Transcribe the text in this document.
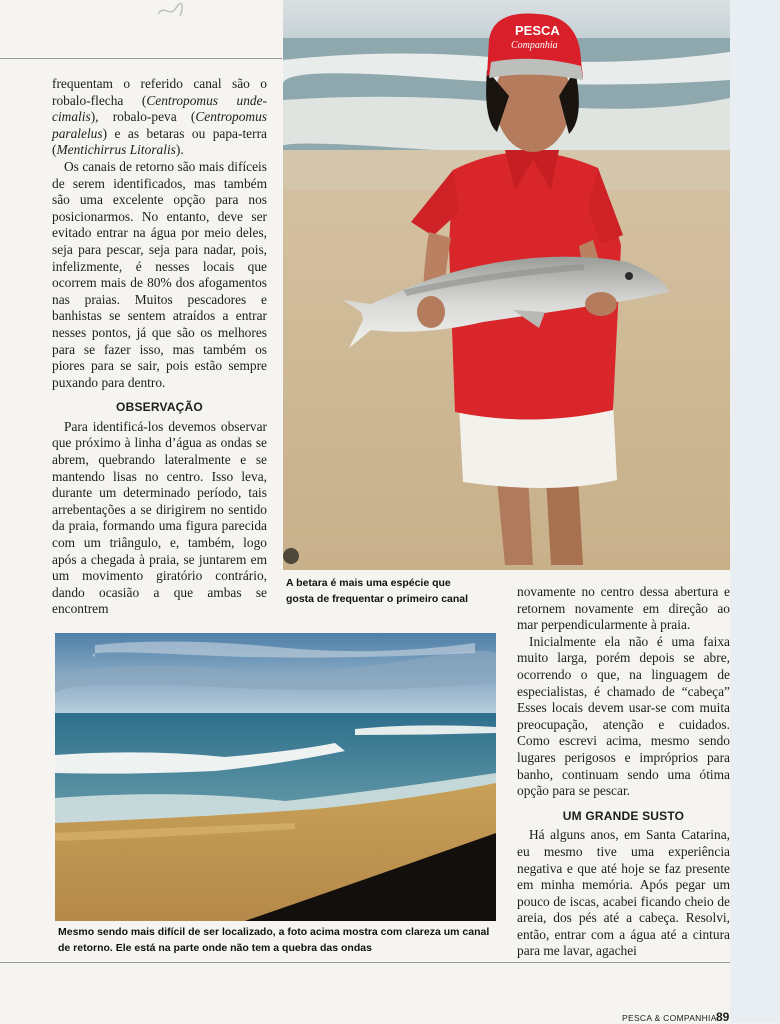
frequentam o referido canal são o robalo-flecha (Centropomus unde-cimalis), robalo-peva (Centropomus paralelus) e as betaras ou papa-terra (Mentichirrus Litoralis).

Os canais de retorno são mais difíceis de serem identificados, mas também são uma excelente opção para nos posicionarmos. No entanto, deve ser evitado entrar na água por meio deles, seja para pescar, seja para nadar, pois, infelizmente, é nesses locais que ocorrem mais de 80% dos afogamentos nas praias. Muitos pescadores e banhistas se sentem atraídos a entrar nesses pontos, já que são os melhores para se fazer isso, mas também os piores para se sair, pois estão sempre puxando para dentro.

OBSERVAÇÃO

Para identificá-los devemos observar que próximo à linha d’água as ondas se abrem, quebrando lateralmente e se mantendo lisas no centro. Isso leva, durante um determinado período, tais arrebentações a se dirigirem no sentido da praia, formando uma figura parecida com um triângulo, e, também, logo após a chegada à praia, se juntarem em um movimento giratório contrário, dando ocasião a que ambas se encontrem

PESCA
Companhia
A betara é mais uma espécie que gosta de frequentar o primeiro canal	novamente no centro dessa abertura e retornem novamente em direção ao mar perpendicularmente à praia.

Inicialmente ela não é uma faixa muito larga, porém depois se abre, ocorrendo o que, na linguagem de especialistas, é chamado de “cabeça” Esses locais devem usar-se com muita preocupação, atenção e cuidados. Como escrevi acima, mesmo sendo lugares perigosos e impróprios para banho, continuam sendo uma ótima opção para se pescar.

UM GRANDE SUSTO

Há alguns anos, em Santa Catarina, eu mesmo tive uma experiência negativa e que até hoje se faz presente em minha memória. Após pegar um pouco de iscas, acabei ficando cheio de areia, dos pés até a cabeça. Resolvi, então, entrar com a água até a cintura para me lavar, agachei

Mesmo sendo mais difícil de ser localizado, a foto acima mostra com clareza um canal de retorno. Ele está na parte onde não tem a quebra das ondas
PESCA & COMPANHIA 89
